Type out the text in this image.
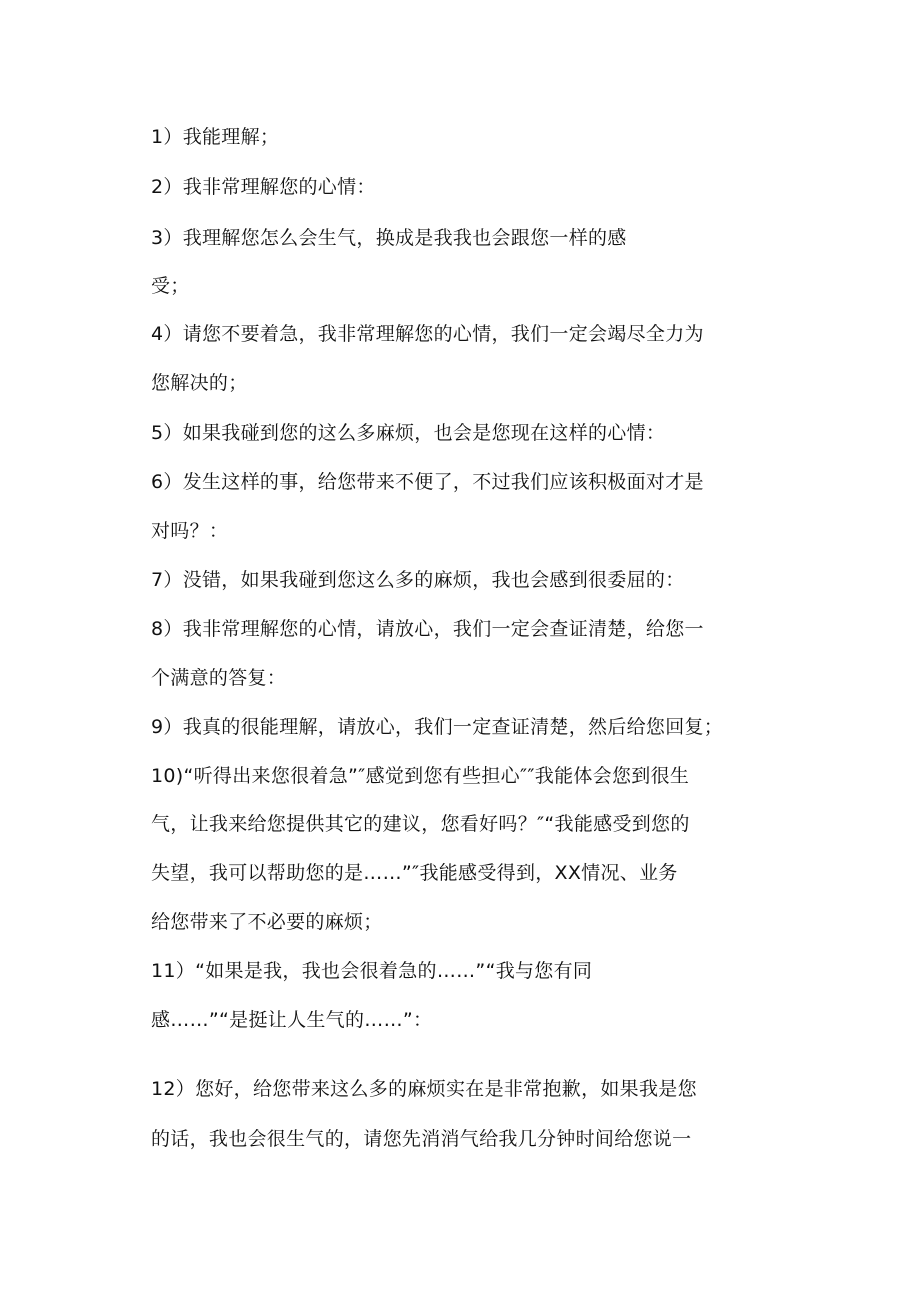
1）我能理解；
2）我非常理解您的心情：
3）我理解您怎么会生气，换成是我我也会跟您一样的感
受；
4）请您不要着急，我非常理解您的心情，我们一定会竭尽全力为
您解决的；
5）如果我碰到您的这么多麻烦，也会是您现在这样的心情：
6）发生这样的事，给您带来不便了，不过我们应该积极面对才是
对吗？：
7）没错，如果我碰到您这么多的麻烦，我也会感到很委屈的：
8）我非常理解您的心情，请放心，我们一定会查证清楚，给您一
个满意的答复：
9）我真的很能理解，请放心，我们一定查证清楚，然后给您回复；
10)“听得出来您很着急”″感觉到您有些担心″″我能体会您到很生
气，让我来给您提供其它的建议，您看好吗？″“我能感受到您的
失望，我可以帮助您的是……”″我能感受得到，XX情况、业务
给您带来了不必要的麻烦；
11）“如果是我，我也会很着急的……”“我与您有同
感……”“是挺让人生气的……”：
12）您好，给您带来这么多的麻烦实在是非常抱歉，如果我是您
的话，我也会很生气的，请您先消消气给我几分钟时间给您说一
